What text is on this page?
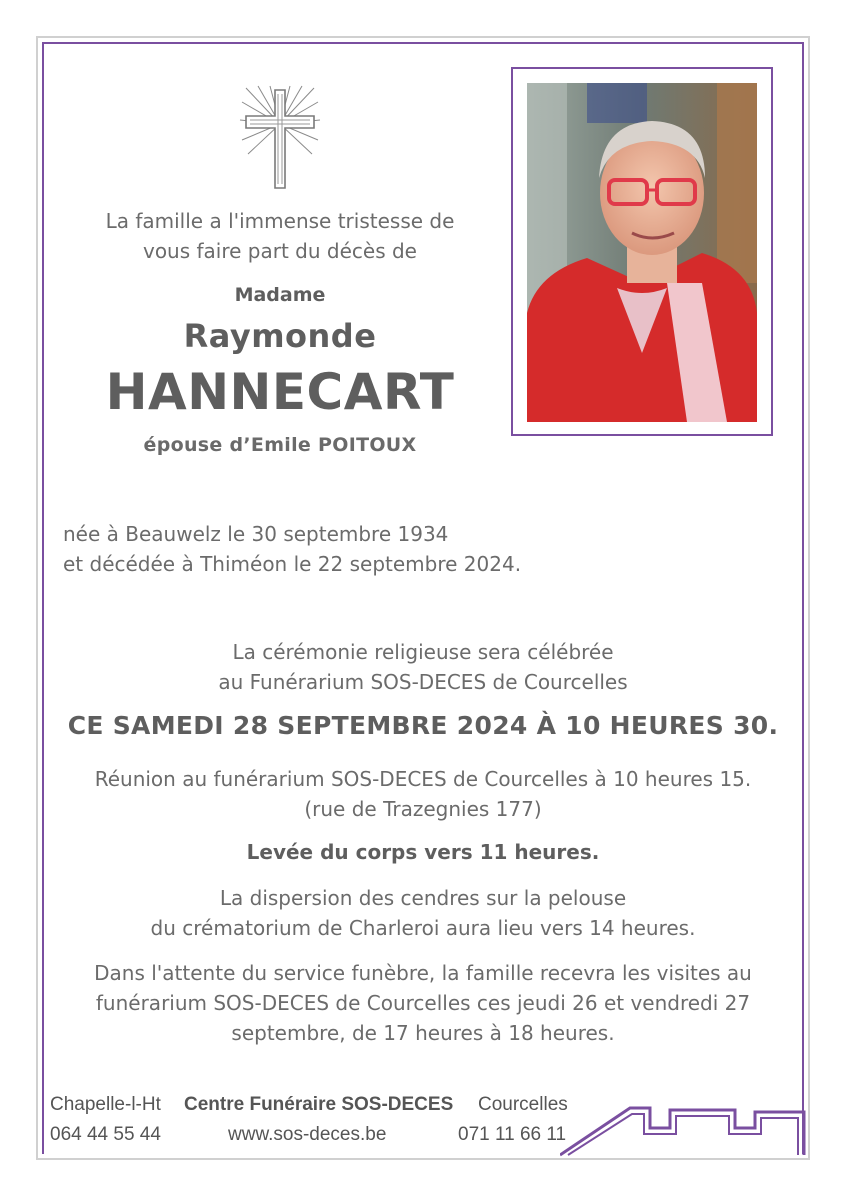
La famille a l'immense tristesse de
vous faire part du décès de
Madame
Raymonde
HANNECART
épouse d’Emile POITOUX
née à Beauwelz le 30 septembre 1934
et décédée à Thiméon le 22 septembre 2024.
La cérémonie religieuse sera célébrée
au Funérarium SOS-DECES de Courcelles
CE SAMEDI 28 SEPTEMBRE 2024 À 10 HEURES 30.
Réunion au funérarium SOS-DECES de Courcelles à 10 heures 15.
(rue de Trazegnies 177)
Levée du corps vers 11 heures.
La dispersion des cendres sur la pelouse
du crématorium de Charleroi aura lieu vers 14 heures.
Dans l'attente du service funèbre, la famille recevra les visites au
funérarium SOS-DECES de Courcelles ces jeudi 26 et vendredi 27
septembre, de 17 heures à 18 heures.
Chapelle-l-Ht
064 44 55 44
Centre Funéraire SOS-DECES
www.sos-deces.be
Courcelles
071 11 66 11
